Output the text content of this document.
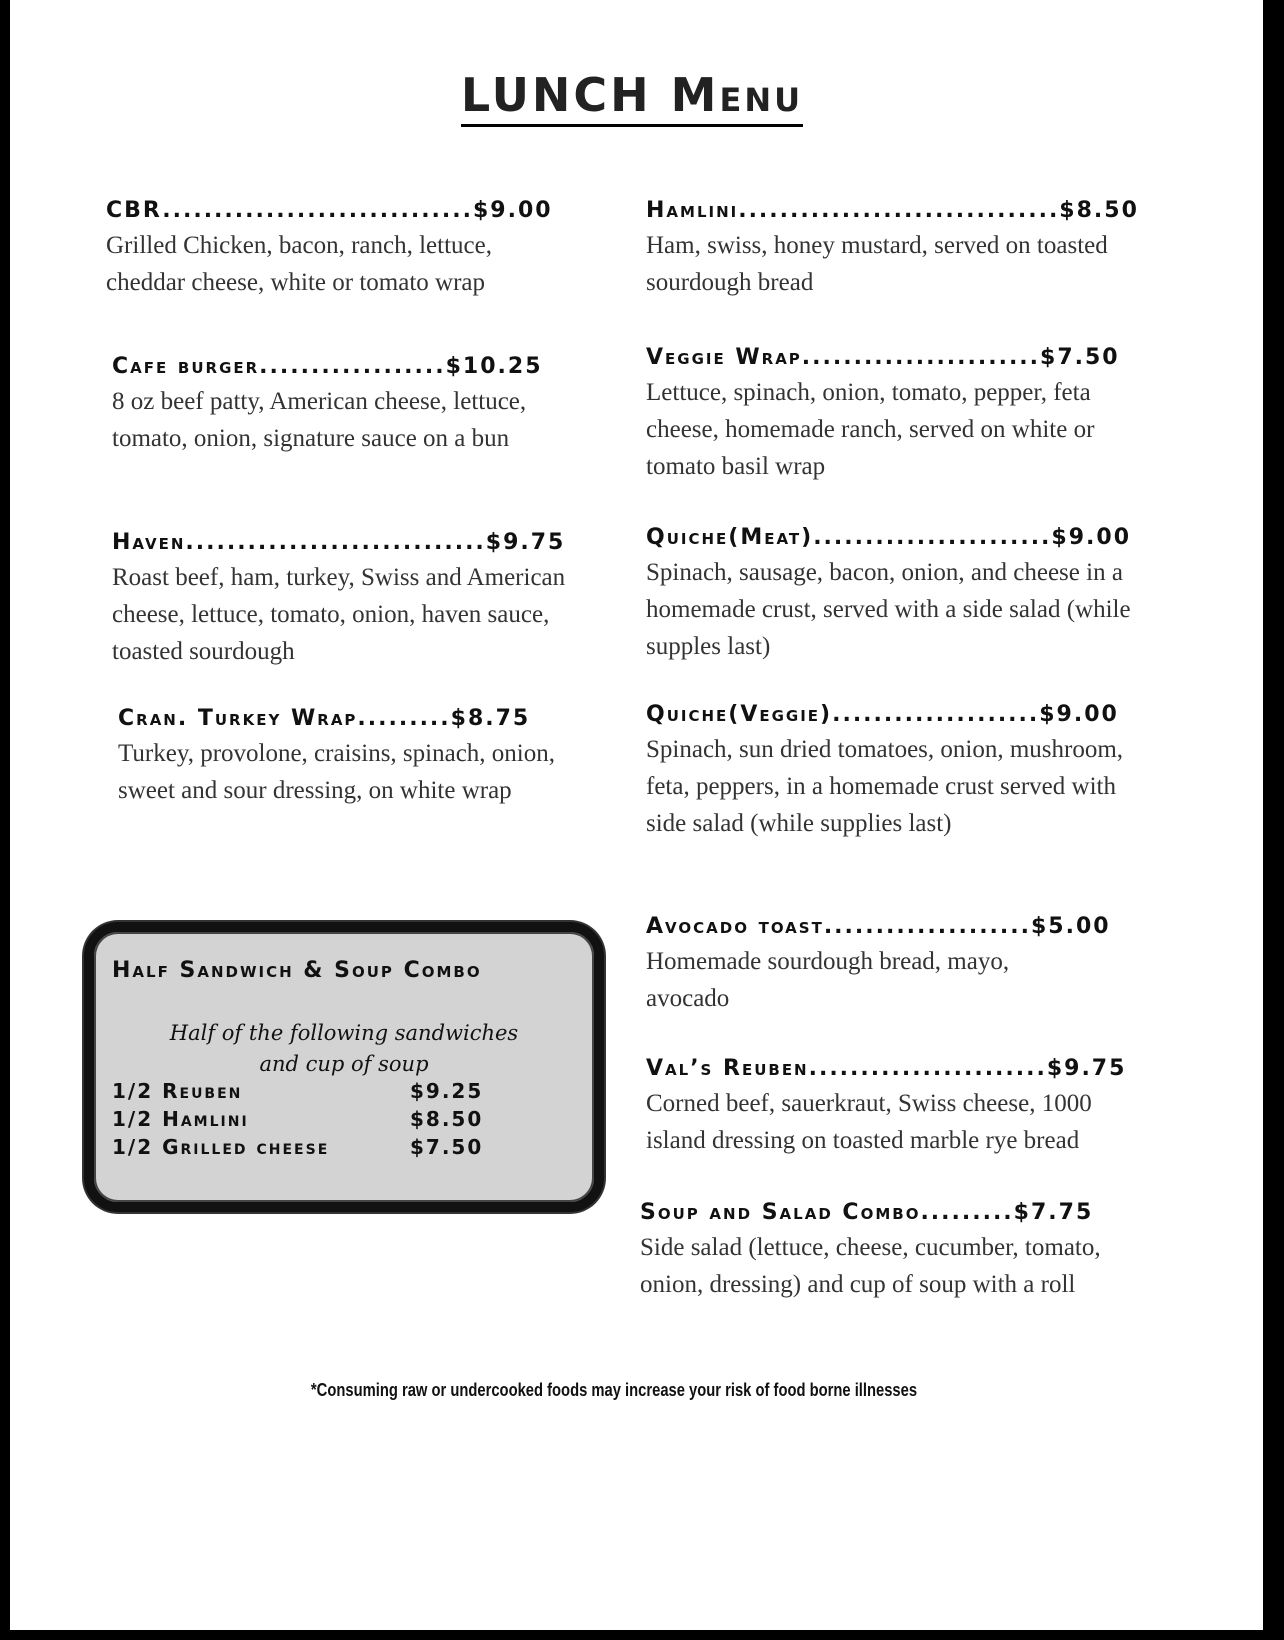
LUNCH Menu
CBR..............................$9.00
Grilled Chicken, bacon, ranch, lettuce, cheddar cheese, white or tomato wrap
Cafe burger..................$10.25
8 oz beef patty, American cheese, lettuce, tomato, onion, signature sauce on a bun
Haven.............................$9.75
Roast beef, ham, turkey, Swiss and American cheese, lettuce, tomato, onion, haven sauce, toasted sourdough
Cran. Turkey Wrap.........$8.75
Turkey, provolone, craisins, spinach, onion, sweet and sour dressing, on white wrap
Hamlini...............................$8.50
Ham, swiss, honey mustard, served on toasted sourdough bread
Veggie Wrap.......................$7.50
Lettuce, spinach, onion, tomato, pepper, feta cheese, homemade ranch, served on white or tomato basil wrap
Quiche(Meat).......................$9.00
Spinach, sausage, bacon, onion, and cheese in a homemade crust, served with a side salad (while supples last)
Quiche(Veggie)....................$9.00
Spinach, sun dried tomatoes, onion, mushroom, feta, peppers, in a homemade crust served with side salad (while supplies last)
Avocado toast....................$5.00
Homemade sourdough bread, mayo, avocado
Val’s Reuben.......................$9.75
Corned beef, sauerkraut, Swiss cheese, 1000 island dressing on toasted marble rye bread
Soup and Salad Combo.........$7.75
Side salad (lettuce, cheese, cucumber, tomato, onion, dressing) and cup of soup with a roll
Half Sandwich & Soup Combo
Half of the following sandwiches
and cup of soup
1/2 Reuben	$9.25
1/2 Hamlini	$8.50
1/2 Grilled cheese	$7.50
*Consuming raw or undercooked foods may increase your risk of food borne illnesses
